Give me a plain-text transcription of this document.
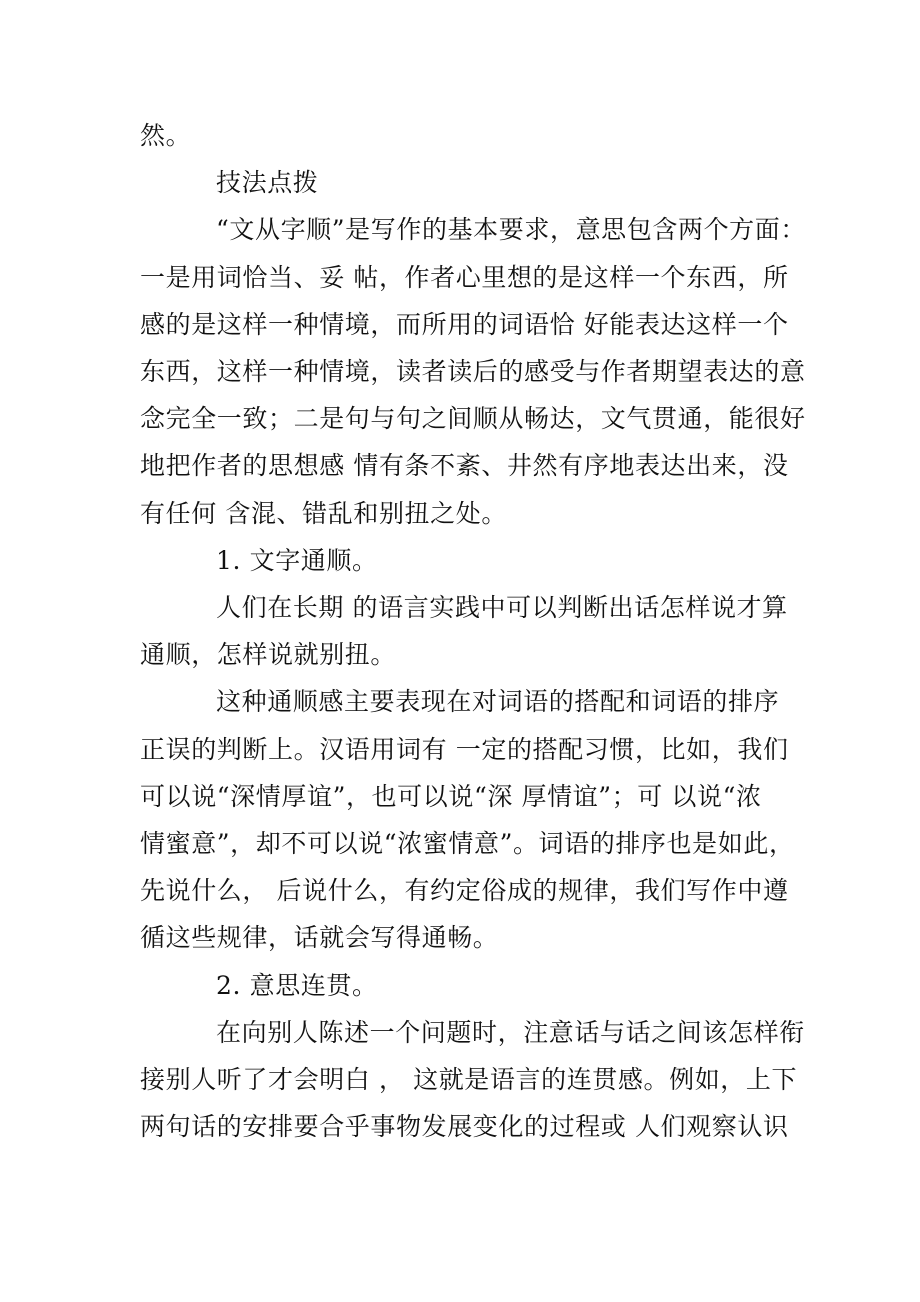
然。

技法点拨

“文从字顺”是写作的基本要求，意思包含两个方面：

一是用词恰当、妥 帖，作者心里想的是这样一个东西，所

感的是这样一种情境，而所用的词语恰 好能表达这样一个

东西，这样一种情境，读者读后的感受与作者期望表达的意

念完全一致；二是句与句之间顺从畅达，文气贯通，能很好

地把作者的思想感 情有条不紊、井然有序地表达出来，没

有任何 含混、错乱和别扭之处。

1. 文字通顺。

人们在长期 的语言实践中可以判断出话怎样说才算

通顺，怎样说就别扭。

这种通顺感主要表现在对词语的搭配和词语的排序

正误的判断上。汉语用词有 一定的搭配习惯，比如，我们

可以说“深情厚谊”，也可以说“深 厚情谊”；可 以说“浓

情蜜意”，却不可以说“浓蜜情意”。词语的排序也是如此，

先说什么， 后说什么，有约定俗成的规律，我们写作中遵

循这些规律，话就会写得通畅。

2. 意思连贯。

在向别人陈述一个问题时，注意话与话之间该怎样衔

接别人听了才会明白 ， 这就是语言的连贯感。例如，上下

两句话的安排要合乎事物发展变化的过程或 人们观察认识
